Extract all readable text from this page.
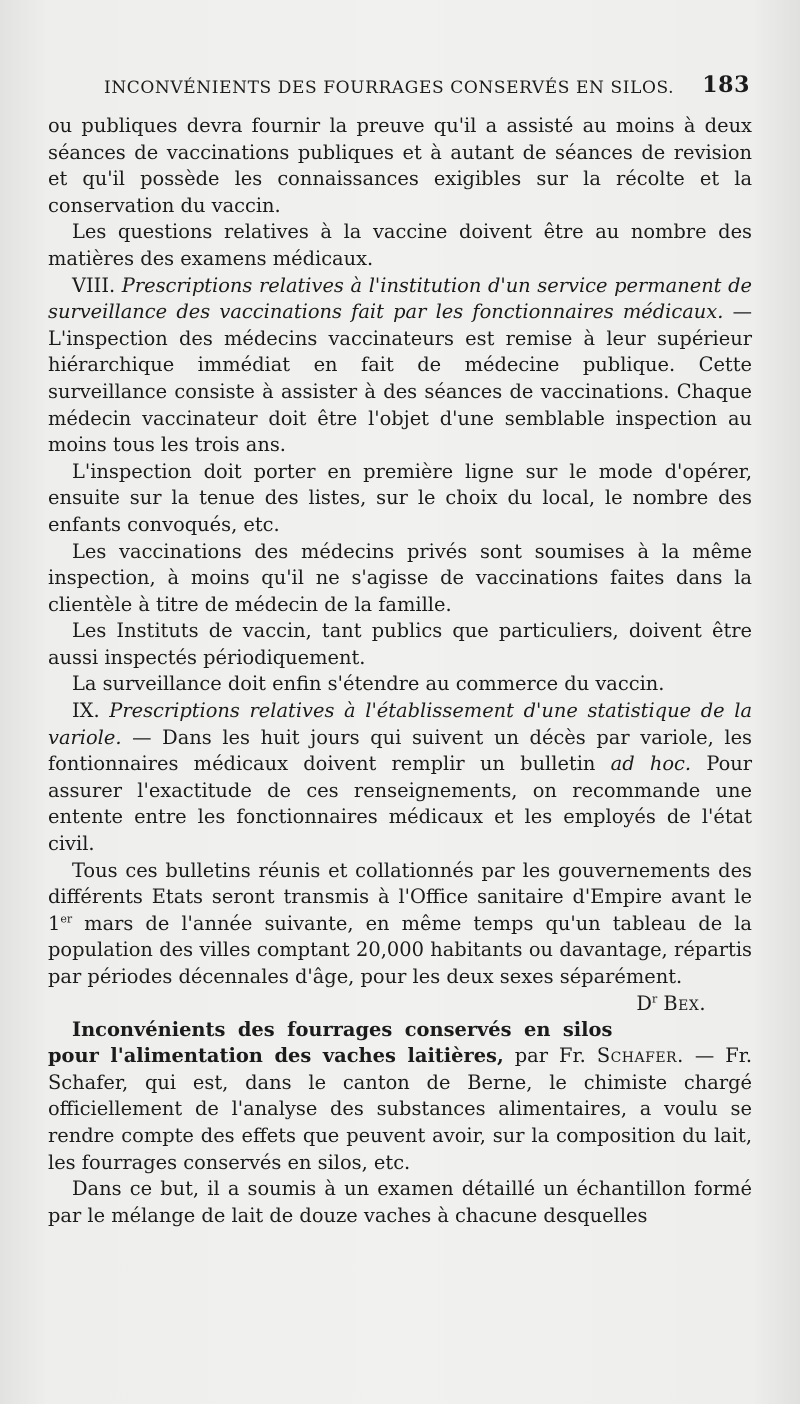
INCONVÉNIENTS DES FOURRAGES CONSERVÉS EN SILOS. 183

ou publiques devra fournir la preuve qu'il a assisté au moins à deux séances de vaccinations publiques et à autant de séances de revision et qu'il possède les connaissances exigibles sur la récolte et la conservation du vaccin.

Les questions relatives à la vaccine doivent être au nombre des matières des examens médicaux.

VIII. Prescriptions relatives à l'institution d'un service permanent de surveillance des vaccinations fait par les fonctionnaires médicaux. — L'inspection des médecins vaccinateurs est remise à leur supérieur hiérarchique immédiat en fait de médecine publique. Cette surveillance consiste à assister à des séances de vaccinations. Chaque médecin vaccinateur doit être l'objet d'une semblable inspection au moins tous les trois ans.

L'inspection doit porter en première ligne sur le mode d'opérer, ensuite sur la tenue des listes, sur le choix du local, le nombre des enfants convoqués, etc.

Les vaccinations des médecins privés sont soumises à la même inspection, à moins qu'il ne s'agisse de vaccinations faites dans la clientèle à titre de médecin de la famille.

Les Instituts de vaccin, tant publics que particuliers, doivent être aussi inspectés périodiquement.

La surveillance doit enfin s'étendre au commerce du vaccin.

IX. Prescriptions relatives à l'établissement d'une statistique de la variole. — Dans les huit jours qui suivent un décès par variole, les fontionnaires médicaux doivent remplir un bulletin ad hoc. Pour assurer l'exactitude de ces renseignements, on recommande une entente entre les fonctionnaires médicaux et les employés de l'état civil.

Tous ces bulletins réunis et collationnés par les gouvernements des différents Etats seront transmis à l'Office sanitaire d'Empire avant le 1er mars de l'année suivante, en même temps qu'un tableau de la population des villes comptant 20,000 habitants ou davantage, répartis par périodes décennales d'âge, pour les deux sexes séparément.
$D^r$ Bex.

Inconvénients des fourrages conservés en silos pour l'alimentation des vaches laitières, par Fr. Schafer. — Fr. Schafer, qui est, dans le canton de Berne, le chimiste chargé officiellement de l'analyse des substances alimentaires, a voulu se rendre compte des effets que peuvent avoir, sur la composition du lait, les fourrages conservés en silos, etc.

Dans ce but, il a soumis à un examen détaillé un échantillon formé par le mélange de lait de douze vaches à chacune desquelles
